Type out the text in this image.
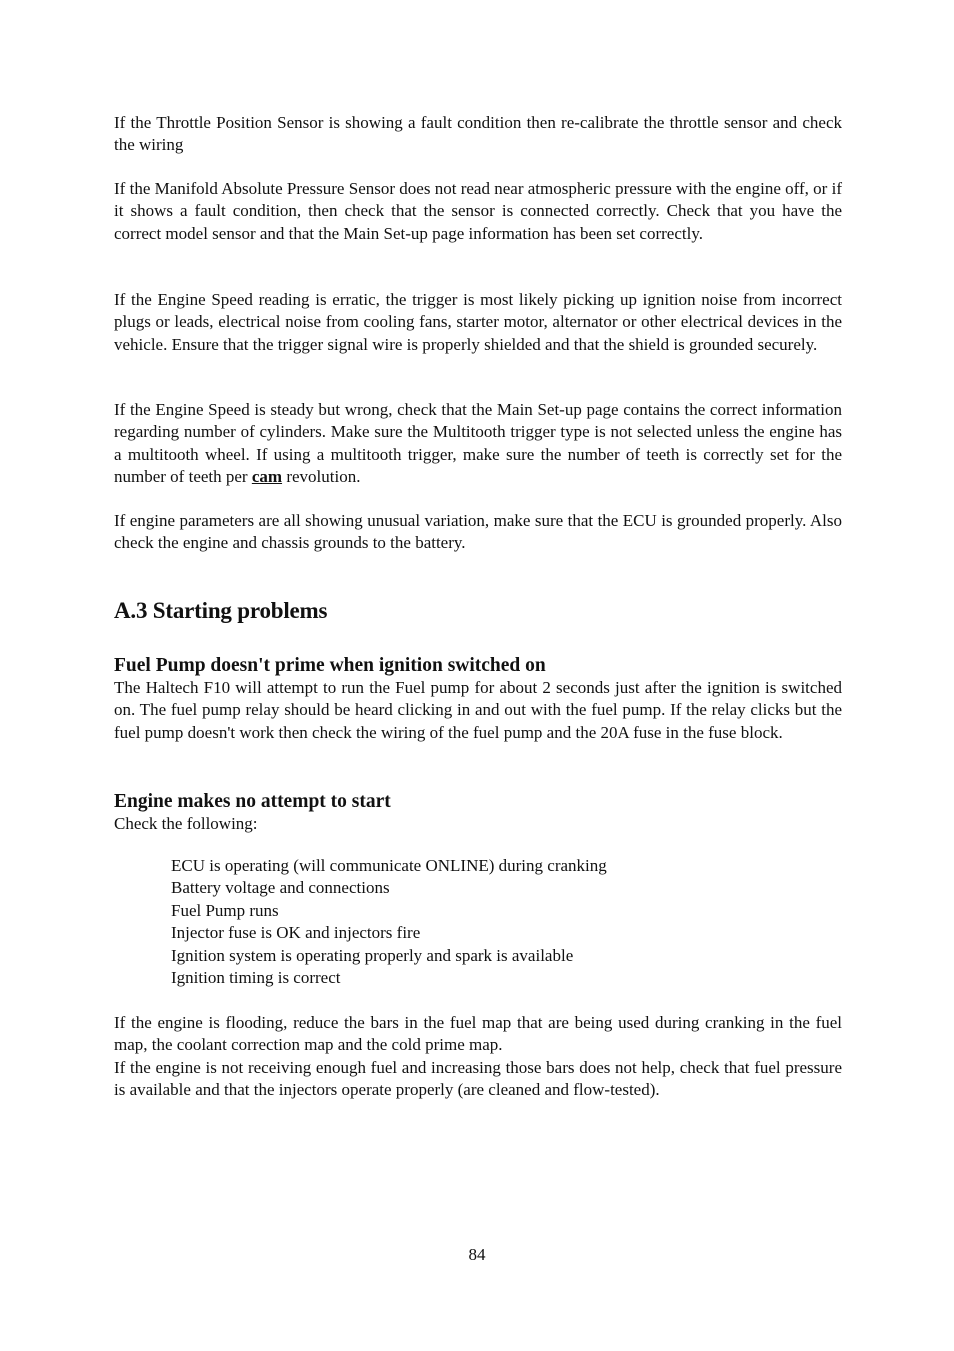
If the Throttle Position Sensor is showing a fault condition then re-calibrate the throttle sensor and check the wiring

If the Manifold Absolute Pressure Sensor does not read near atmospheric pressure with the engine off, or if it shows a fault condition, then check that the sensor is connected correctly. Check that you have the correct model sensor and that the Main Set-up page information has been set correctly.

If the Engine Speed reading is erratic, the trigger is most likely picking up ignition noise from incorrect plugs or leads, electrical noise from cooling fans, starter motor, alternator or other electrical devices in the vehicle. Ensure that the trigger signal wire is properly shielded and that the shield is grounded securely.

If the Engine Speed is steady but wrong, check that the Main Set-up page contains the correct information regarding number of cylinders. Make sure the Multitooth trigger type is not selected unless the engine has a multitooth wheel. If using a multitooth trigger, make sure the number of teeth is correctly set for the number of teeth per cam revolution.

If engine parameters are all showing unusual variation, make sure that the ECU is grounded properly. Also check the engine and chassis grounds to the battery.

A.3 Starting problems
Fuel Pump doesn't prime when ignition switched on

The Haltech F10 will attempt to run the Fuel pump for about 2 seconds just after the ignition is switched on. The fuel pump relay should be heard clicking in and out with the fuel pump. If the relay clicks but the fuel pump doesn't work then check the wiring of the fuel pump and the 20A fuse in the fuse block.

Engine makes no attempt to start

Check the following:

ECU is operating (will communicate ONLINE) during cranking
Battery voltage and connections
Fuel Pump runs
Injector fuse is OK and injectors fire
Ignition system is operating properly and spark is available
Ignition timing is correct

If the engine is flooding, reduce the bars in the fuel map that are being used during cranking in the fuel map, the coolant correction map and the cold prime map.

If the engine is not receiving enough fuel and increasing those bars does not help, check that fuel pressure is available and that the injectors operate properly (are cleaned and flow-tested).

84
